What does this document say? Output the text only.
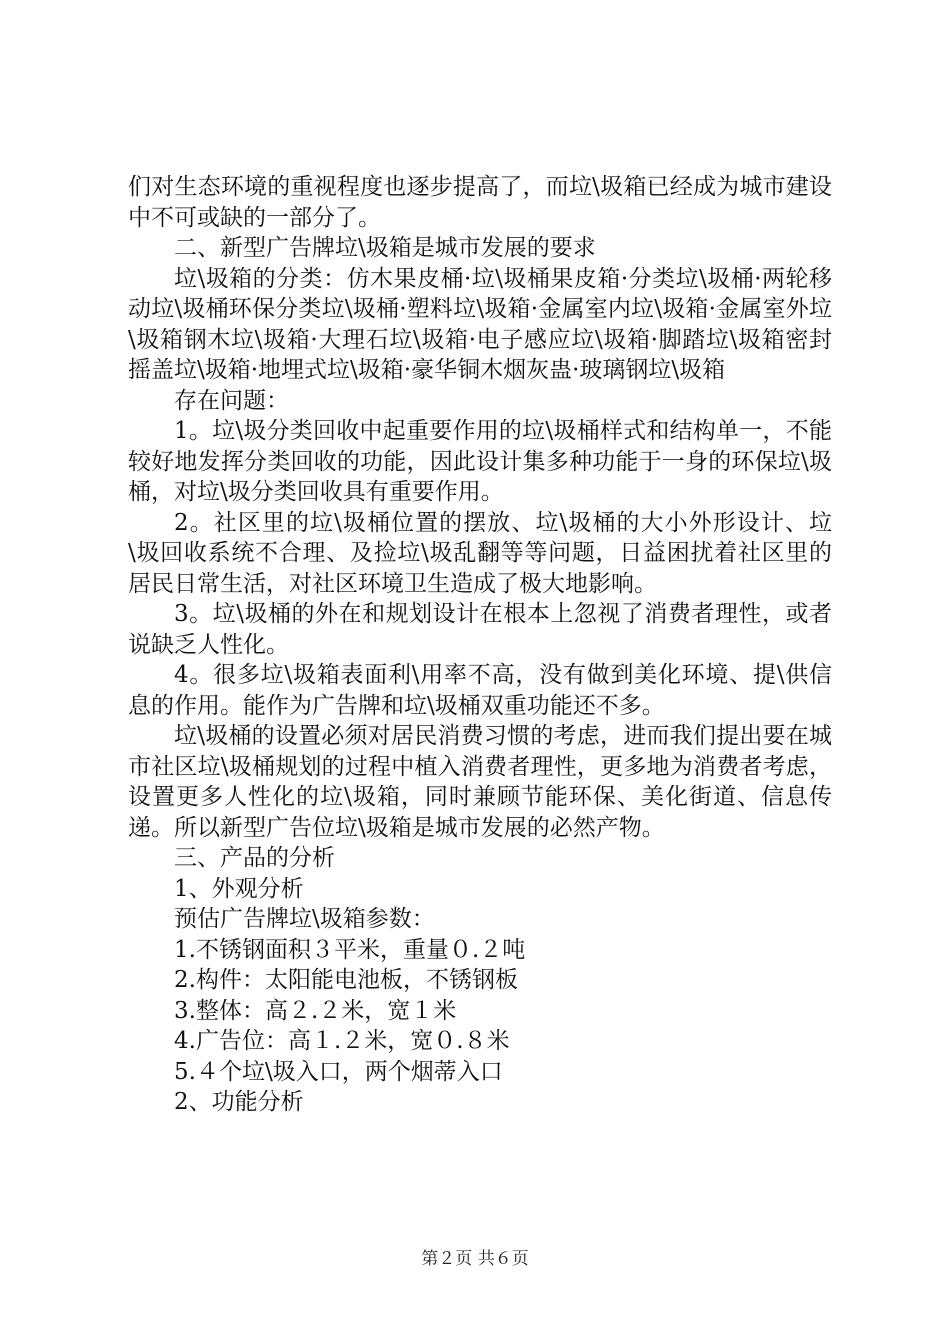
们对生态环境的重视程度也逐步提高了，而垃\圾箱已经成为城市建设中不可或缺的一部分了。

二、新型广告牌垃\圾箱是城市发展的要求

垃\圾箱的分类：仿木果皮桶·垃\圾桶果皮箱·分类垃\圾桶·两轮移动垃\圾桶环保分类垃\圾桶·塑料垃\圾箱·金属室内垃\圾箱·金属室外垃\圾箱钢木垃\圾箱·大理石垃\圾箱·电子感应垃\圾箱·脚踏垃\圾箱密封摇盖垃\圾箱·地埋式垃\圾箱·豪华铜木烟灰蛊·玻璃钢垃\圾箱

存在问题：

1。垃\圾分类回收中起重要作用的垃\圾桶样式和结构单一，不能较好地发挥分类回收的功能，因此设计集多种功能于一身的环保垃\圾桶，对垃\圾分类回收具有重要作用。

2。社区里的垃\圾桶位置的摆放、垃\圾桶的大小外形设计、垃\圾回收系统不合理、及捡垃\圾乱翻等等问题，日益困扰着社区里的居民日常生活，对社区环境卫生造成了极大地影响。

3。垃\圾桶的外在和规划设计在根本上忽视了消费者理性，或者说缺乏人性化。

4。很多垃\圾箱表面利\用率不高，没有做到美化环境、提\供信息的作用。能作为广告牌和垃\圾桶双重功能还不多。

垃\圾桶的设置必须对居民消费习惯的考虑，进而我们提出要在城市社区垃\圾桶规划的过程中植入消费者理性，更多地为消费者考虑，设置更多人性化的垃\圾箱，同时兼顾节能环保、美化街道、信息传递。所以新型广告位垃\圾箱是城市发展的必然产物。

三、产品的分析

1、外观分析

预估广告牌垃\圾箱参数：

1.不锈钢面积３平米，重量０.２吨

2.构件：太阳能电池板，不锈钢板

3.整体：高２.２米，宽１米

4.广告位：高１.２米，宽０.８米

5.４个垃\圾入口，两个烟蒂入口

2、功能分析

第２页 共６页
